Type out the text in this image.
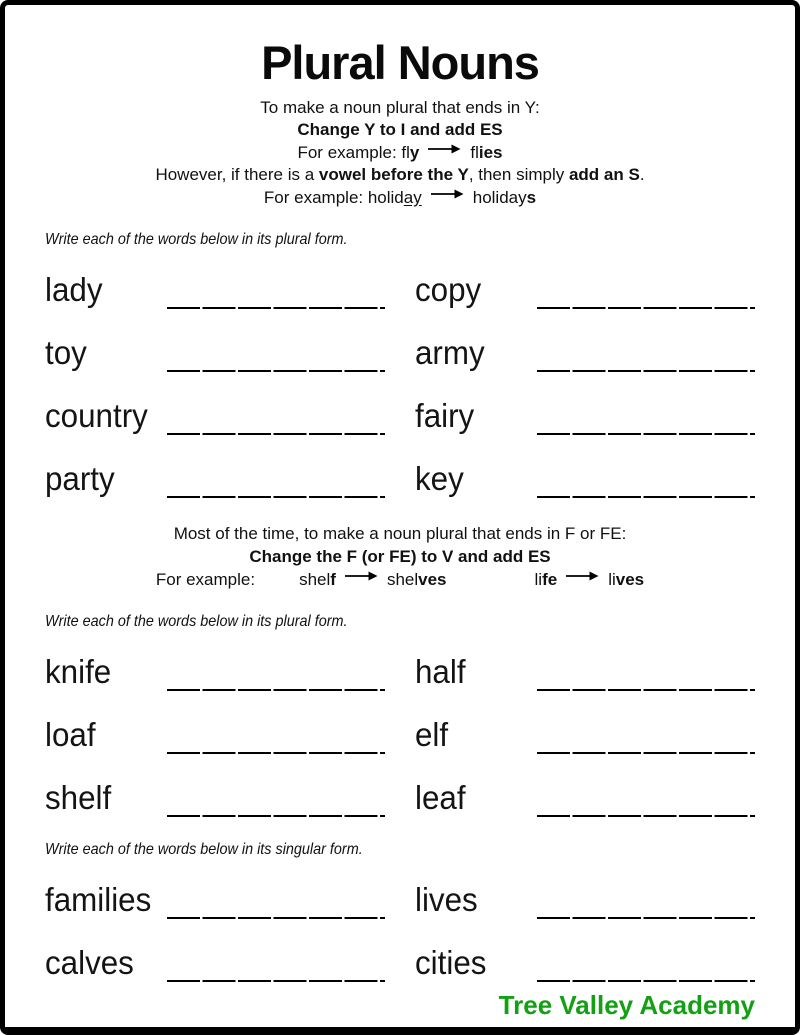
Plural Nouns

To make a noun plural that ends in Y:

Change Y to I and add ES

For example: fly	flies

However, if there is a vowel before the Y, then simply add an S.

For example: holiday	holidays

Write each of the words below in its plural form.

lady	copy
toy	army
country	fairy
party	key

Most of the time, to make a noun plural that ends in F or FE:

Change the F (or FE) to V and add ES

For example:	shelf	shelves	life	lives

Write each of the words below in its plural form.

knife	half
loaf	elf
shelf	leaf

Write each of the words below in its singular form.

families	lives
calves	cities
Tree Valley Academy
